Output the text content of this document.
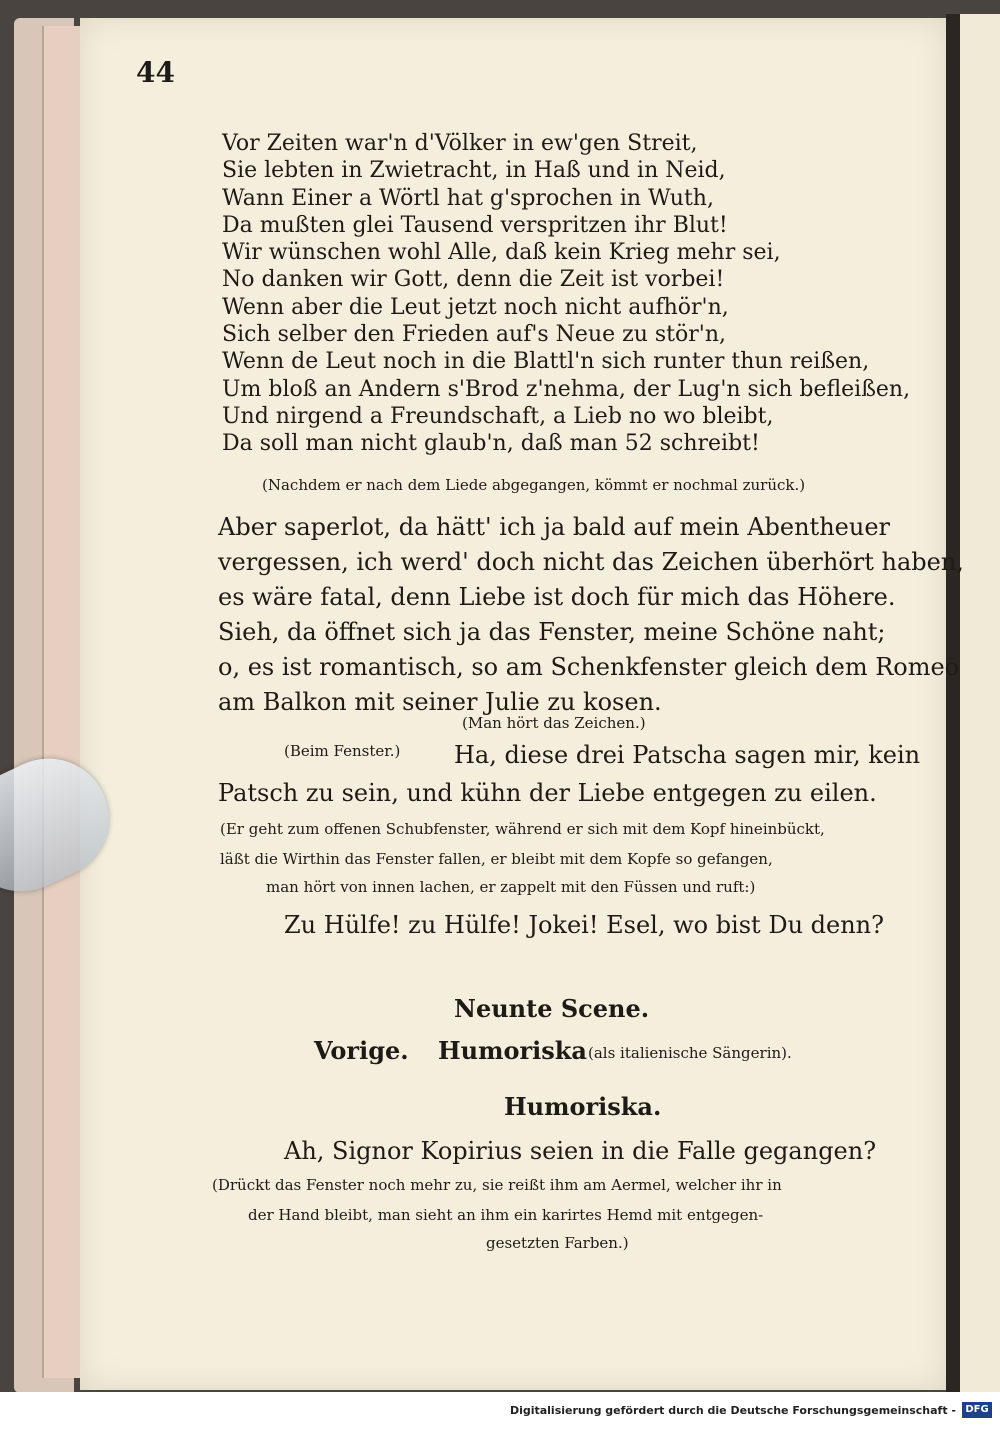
44
Vor Zeiten war'n d'Völker in ew'gen Streit,
Sie lebten in Zwietracht, in Haß und in Neid,
Wann Einer a Wörtl hat g'sprochen in Wuth,
Da mußten glei Tausend verspritzen ihr Blut!
Wir wünschen wohl Alle, daß kein Krieg mehr sei,
No danken wir Gott, denn die Zeit ist vorbei!
Wenn aber die Leut jetzt noch nicht aufhör'n,
Sich selber den Frieden auf's Neue zu stör'n,
Wenn de Leut noch in die Blattl'n sich runter thun reißen,
Um bloß an Andern s'Brod z'nehma, der Lug'n sich befleißen,
Und nirgend a Freundschaft, a Lieb no wo bleibt,
Da soll man nicht glaub'n, daß man 52 schreibt!
(Nachdem er nach dem Liede abgegangen, kömmt er nochmal zurück.)
Aber saperlot, da hätt' ich ja bald auf mein Abentheuer
vergessen, ich werd' doch nicht das Zeichen überhört haben,
es wäre fatal, denn Liebe ist doch für mich das Höhere.
Sieh, da öffnet sich ja das Fenster, meine Schöne naht;
o, es ist romantisch, so am Schenkfenster gleich dem Romeo
am Balkon mit seiner Julie zu kosen.
(Man hört das Zeichen.)
(Beim Fenster.) Ha, diese drei Patscha sagen mir, kein
Patsch zu sein, und kühn der Liebe entgegen zu eilen.
(Er geht zum offenen Schubfenster, während er sich mit dem Kopf hineinbückt,
läßt die Wirthin das Fenster fallen, er bleibt mit dem Kopfe so gefangen,
man hört von innen lachen, er zappelt mit den Füssen und ruft:)
Zu Hülfe! zu Hülfe! Jokei! Esel, wo bist Du denn?
Neunte Scene.
Vorige. Humoriska (als italienische Sängerin).
Humoriska.
Ah, Signor Kopirius seien in die Falle gegangen?
(Drückt das Fenster noch mehr zu, sie reißt ihm am Aermel, welcher ihr in
der Hand bleibt, man sieht an ihm ein karirtes Hemd mit entgegen-
gesetzten Farben.)
Digitalisierung gefördert durch die Deutsche Forschungsgemeinschaft - DFG
